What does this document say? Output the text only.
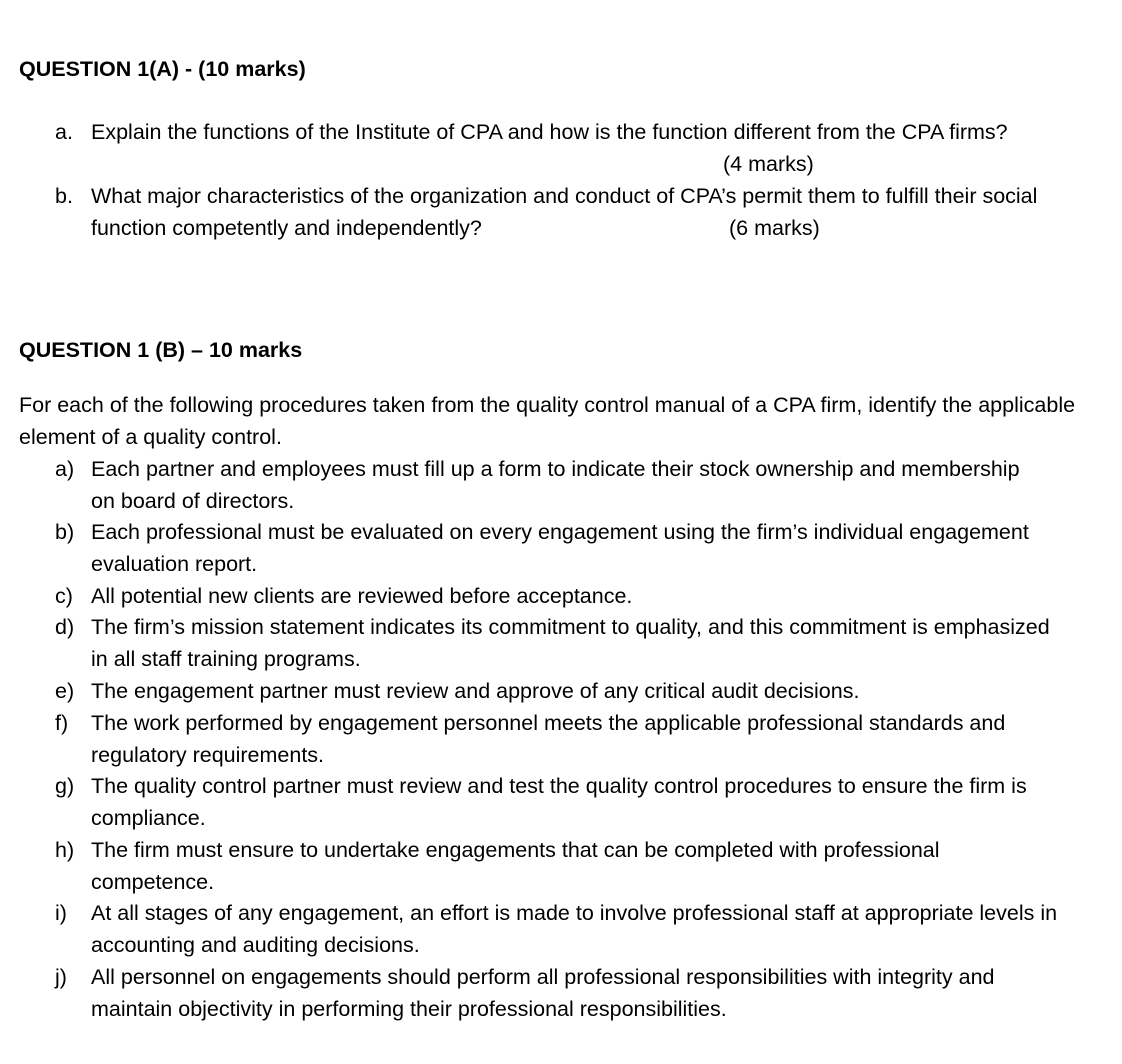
QUESTION 1(A) - (10 marks)
a. Explain the functions of the Institute of CPA and how is the function different from the CPA firms?
(4 marks)
b. What major characteristics of the organization and conduct of CPA’s permit them to fulfill their social function competently and independently?	(6 marks)
QUESTION 1 (B) – 10 marks
For each of the following procedures taken from the quality control manual of a CPA firm, identify the applicable element of a quality control.
a) Each partner and employees must fill up a form to indicate their stock ownership and membership on board of directors.
b) Each professional must be evaluated on every engagement using the firm’s individual engagement evaluation report.
c) All potential new clients are reviewed before acceptance.
d) The firm’s mission statement indicates its commitment to quality, and this commitment is emphasized in all staff training programs.
e) The engagement partner must review and approve of any critical audit decisions.
f) The work performed by engagement personnel meets the applicable professional standards and regulatory requirements.
g) The quality control partner must review and test the quality control procedures to ensure the firm is compliance.
h) The firm must ensure to undertake engagements that can be completed with professional competence.
i) At all stages of any engagement, an effort is made to involve professional staff at appropriate levels in accounting and auditing decisions.
j) All personnel on engagements should perform all professional responsibilities with integrity and maintain objectivity in performing their professional responsibilities.
